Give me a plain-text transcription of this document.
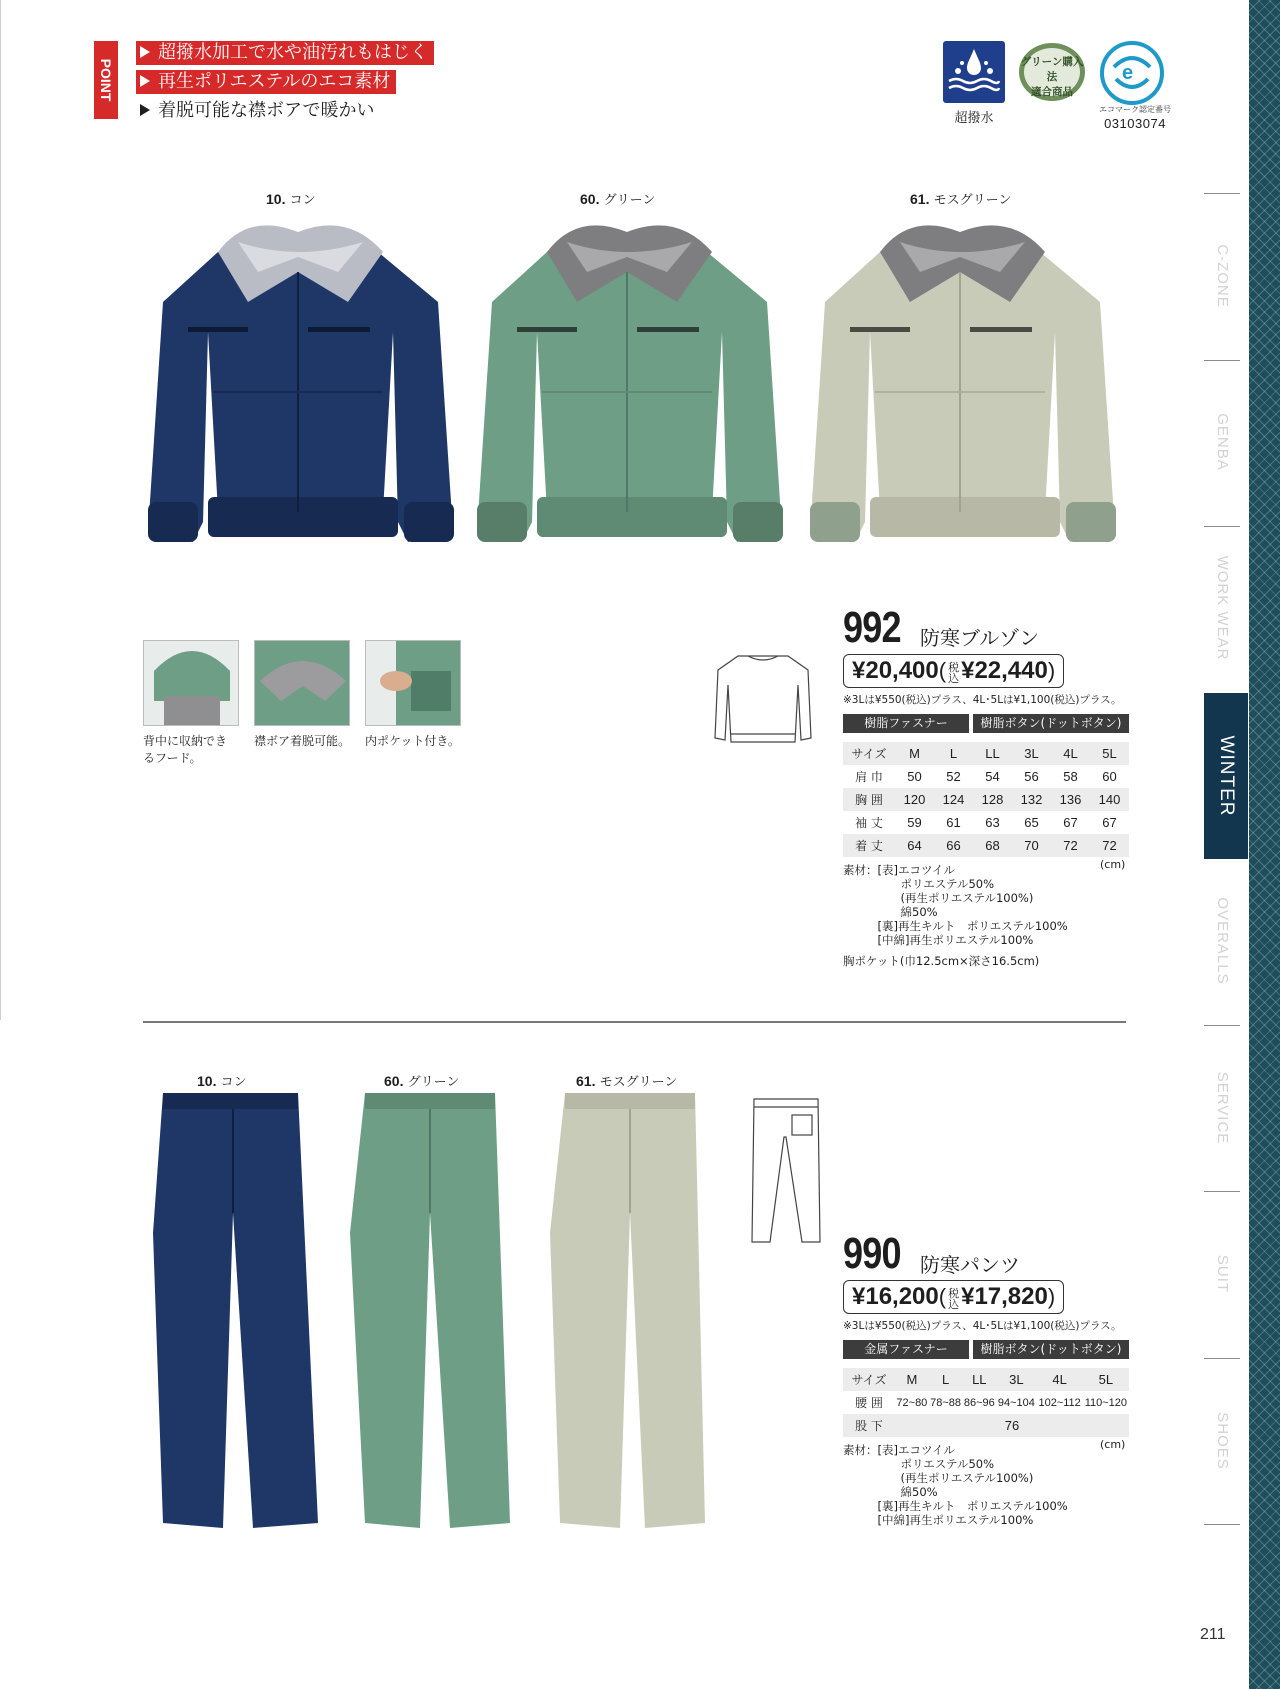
C-ZONE
GENBA
WORK WEAR
WINTER
OVERALLS
SERVICE
SUIT
SHOES
211
POINT
超撥水加工で水や油汚れもはじく
再生ポリエステルのエコ素材
着脱可能な襟ボアで暖かい	超撥水
グリーン購入法
適合商品
e
エコマーク認定番号
03103074
10. コン	60. グリーン	61. モスグリーン
背中に収納でき
るフード。
襟ボア着脱可能。 内ポケット付き。
992 防寒ブルゾン
¥20,400( 税
込¥22,440)
※3Lは¥550(税込)プラス、4L･5Lは¥1,100(税込)プラス。
樹脂ファスナー	樹脂ボタン(ドットボタン)
サイズ	M	L	LL	3L	4L	5L
肩 巾	50	52	54	56	58	60
胸 囲	120	124	128	132	136	140
袖 丈	59	61	63	65	67	67
着 丈	64	66	68	70	72	72
(cm)
素材：[表]エコツイル
　　　　　ポリエステル50%
　　　　　(再生ポリエステル100%)
　　　　　綿50%
　　　[裏]再生キルト　ポリエステル100%
　　　[中綿]再生ポリエステル100%
胸ポケット(巾12.5cm×深さ16.5cm)
10. コン	60. グリーン	61. モスグリーン
990 防寒パンツ
¥16,200( 税
込¥17,820)
※3Lは¥550(税込)プラス、4L･5Lは¥1,100(税込)プラス。
金属ファスナー	樹脂ボタン(ドットボタン)
サイズ	M	L	LL	3L	4L	5L
腰 囲	72~80	78~88	86~96	94~104	102~112	110~120
股 下	76					
(cm)
素材：[表]エコツイル
　　　　　ポリエステル50%
　　　　　(再生ポリエステル100%)
　　　　　綿50%
　　　[裏]再生キルト　ポリエステル100%
　　　[中綿]再生ポリエステル100%
